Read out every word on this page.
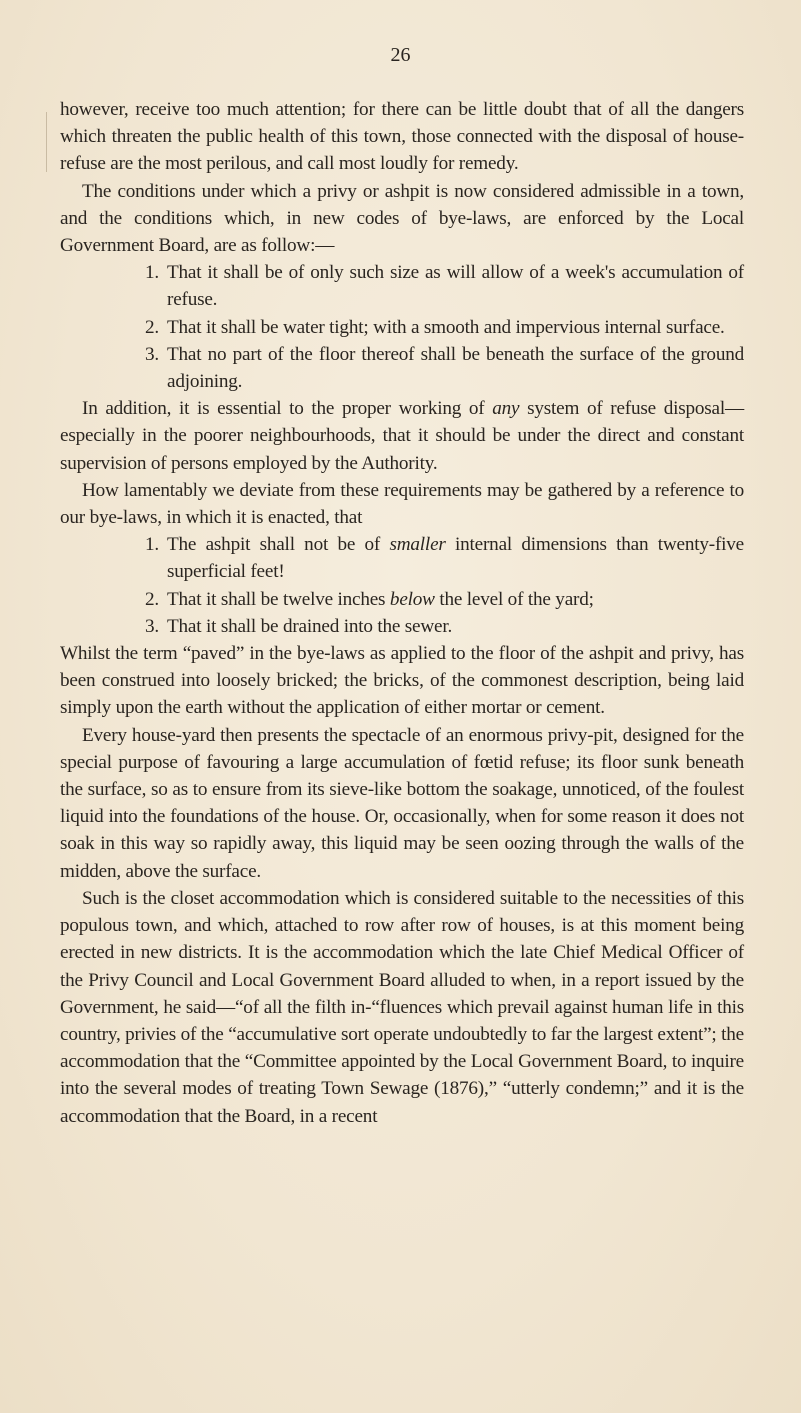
26

however, receive too much attention; for there can be little doubt that of all the dangers which threaten the public health of this town, those connected with the disposal of house-refuse are the most perilous, and call most loudly for remedy.

The conditions under which a privy or ashpit is now considered admissible in a town, and the conditions which, in new codes of bye-laws, are enforced by the Local Government Board, are as follow:—

1. That it shall be of only such size as will allow of a week's accumulation of refuse.

2. That it shall be water tight; with a smooth and impervious internal surface.

3. That no part of the floor thereof shall be beneath the surface of the ground adjoining.

In addition, it is essential to the proper working of any system of refuse disposal—especially in the poorer neighbourhoods, that it should be under the direct and constant supervision of persons employed by the Authority.

How lamentably we deviate from these requirements may be gathered by a reference to our bye-laws, in which it is enacted, that

1. The ashpit shall not be of smaller internal dimensions than twenty-five superficial feet!

2. That it shall be twelve inches below the level of the yard;

3. That it shall be drained into the sewer.

Whilst the term “paved” in the bye-laws as applied to the floor of the ashpit and privy, has been construed into loosely bricked; the bricks, of the commonest description, being laid simply upon the earth without the application of either mortar or cement.

Every house-yard then presents the spectacle of an enormous privy-pit, designed for the special purpose of favouring a large accumulation of fœtid refuse; its floor sunk beneath the surface, so as to ensure from its sieve-like bottom the soakage, unnoticed, of the foulest liquid into the foundations of the house. Or, occasionally, when for some reason it does not soak in this way so rapidly away, this liquid may be seen oozing through the walls of the midden, above the surface.

Such is the closet accommodation which is considered suitable to the necessities of this populous town, and which, attached to row after row of houses, is at this moment being erected in new districts. It is the accommodation which the late Chief Medical Officer of the Privy Council and Local Government Board alluded to when, in a report issued by the Government, he said—“of all the filth in-“fluences which prevail against human life in this country, privies of the “accumulative sort operate undoubtedly to far the largest extent”; the accommodation that the “Committee appointed by the Local Government Board, to inquire into the several modes of treating Town Sewage (1876),” “utterly condemn;” and it is the accommodation that the Board, in a recent
